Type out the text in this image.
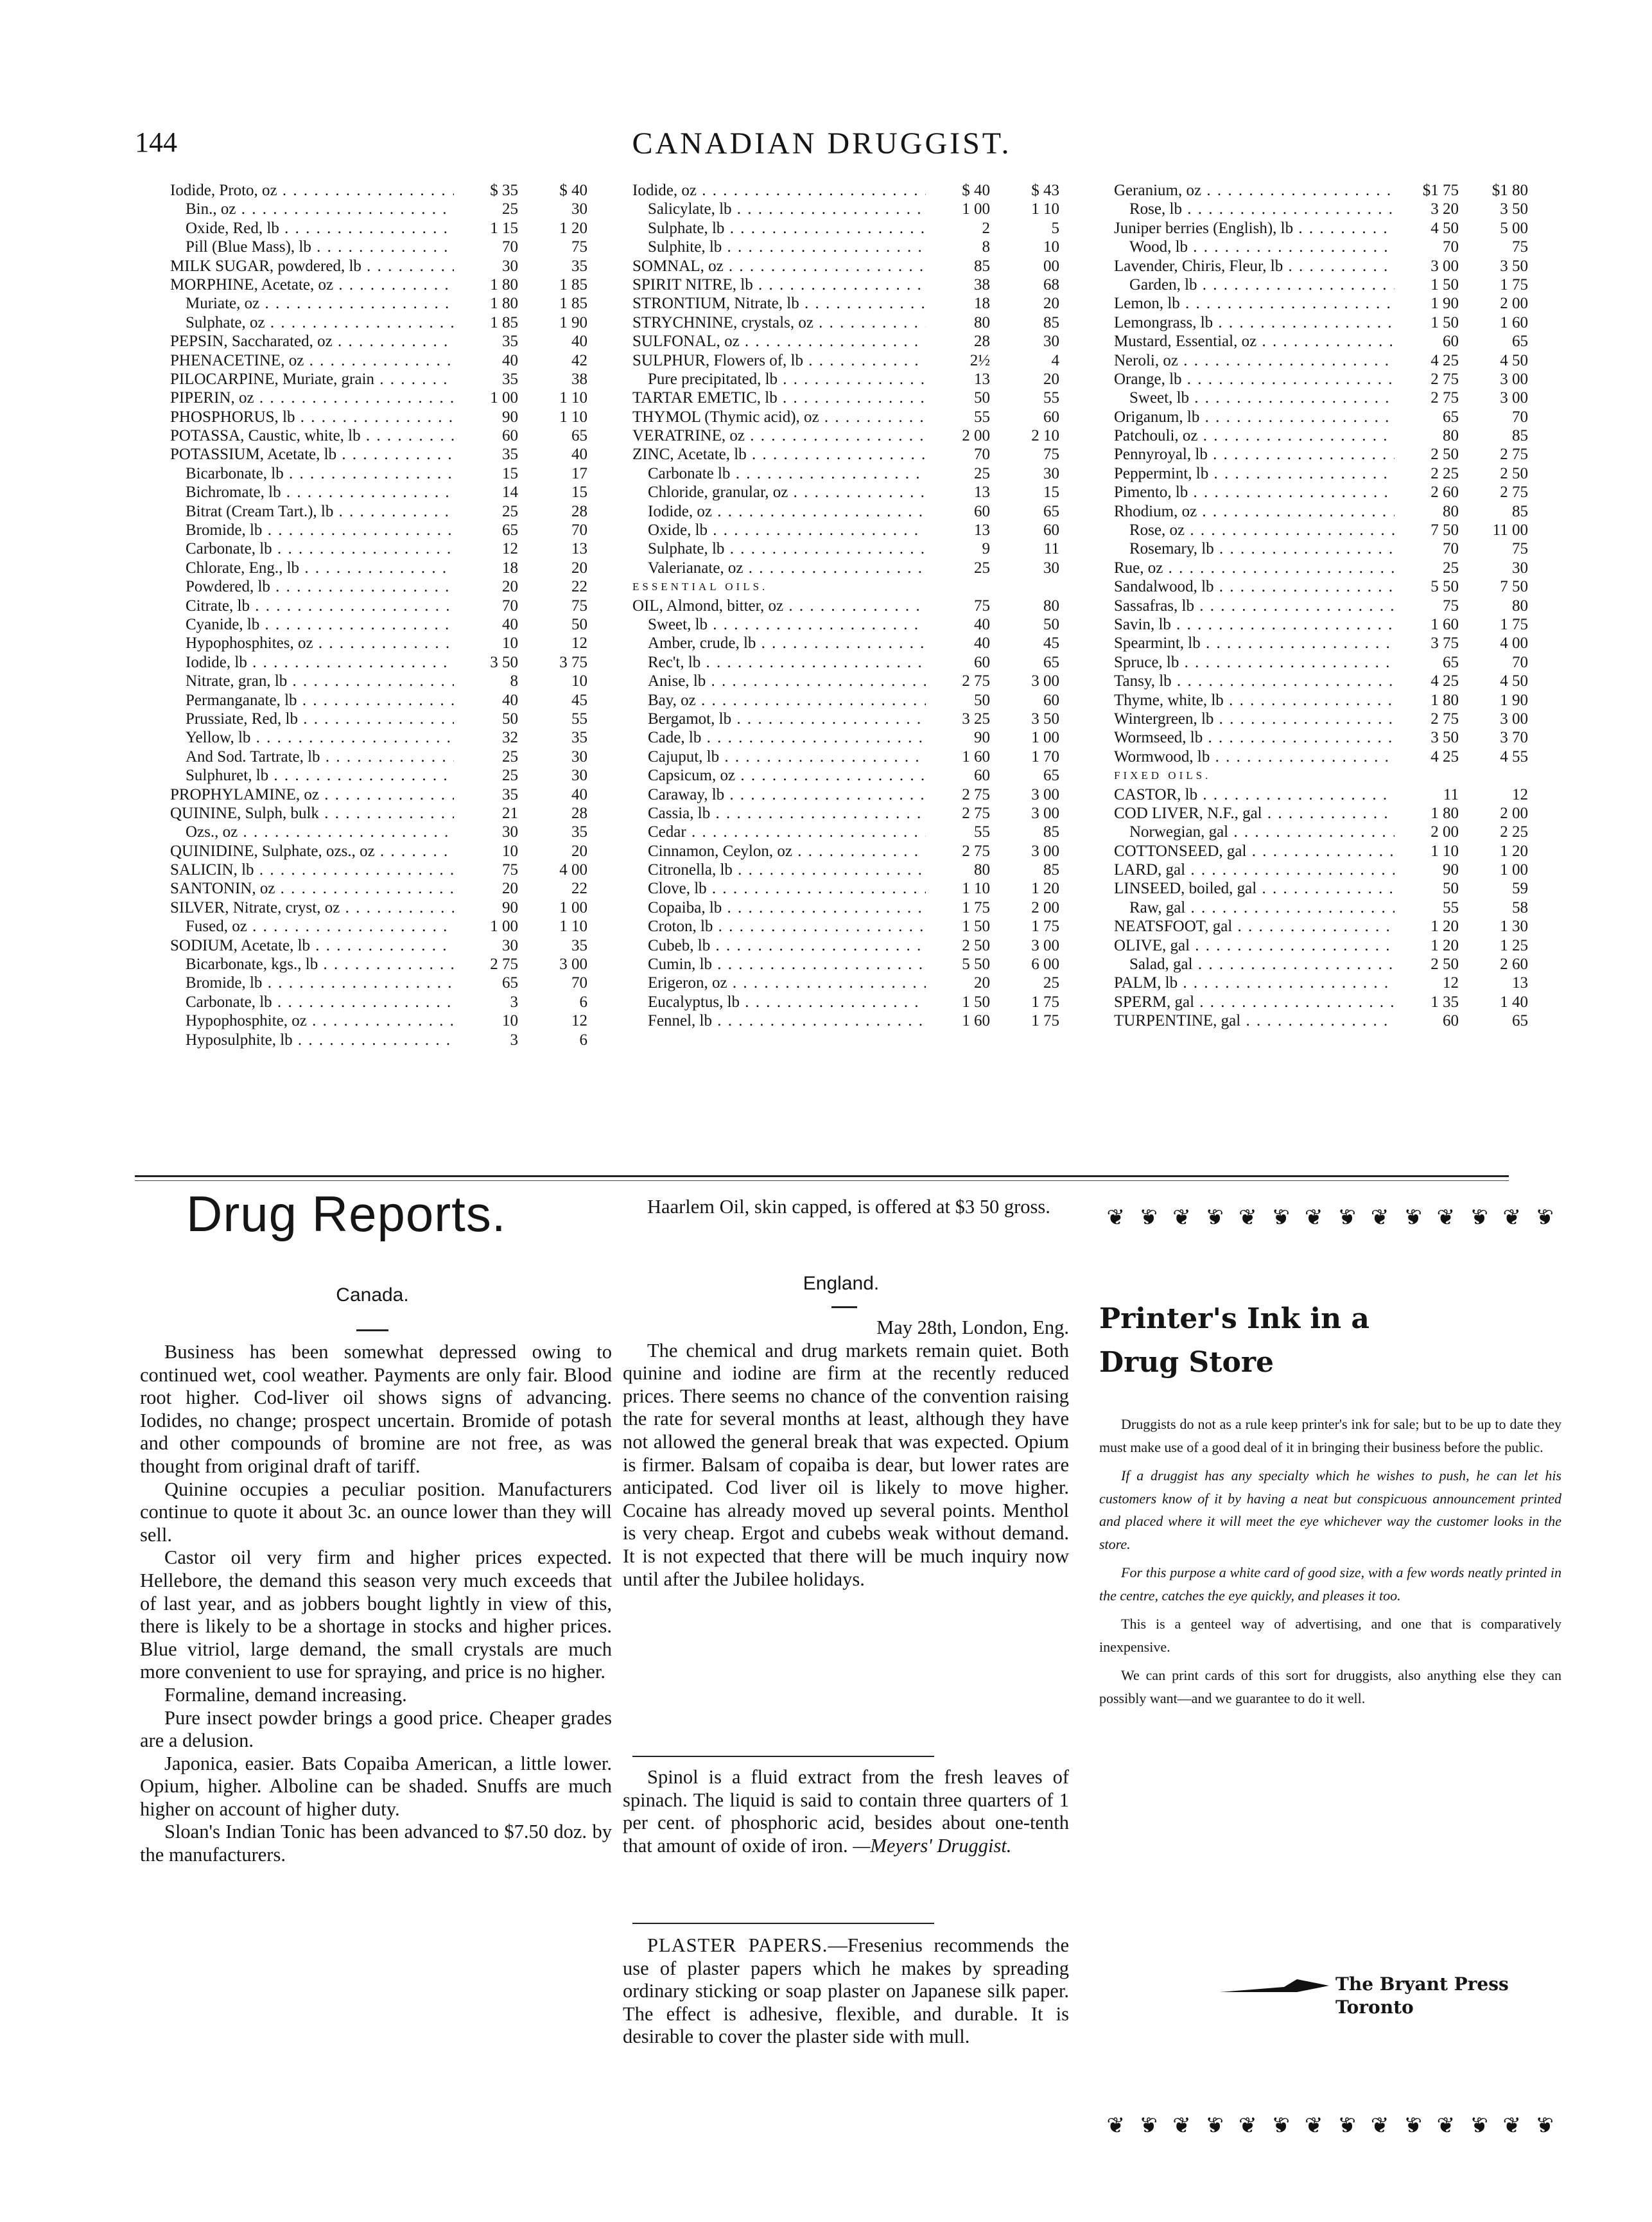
144	CANADIAN DRUGGIST.
Iodide, Proto, oz . . .	$ 35	$ 40
Bin., oz . . .	25	30
Oxide, Red, lb . . .	1 15	1 20
Pill (Blue Mass), lb . . .	70	75
MILK SUGAR, powdered, lb . . .	30	35
MORPHINE, Acetate, oz . . .	1 80	1 85
Muriate, oz . . .	1 80	1 85
Sulphate, oz . . .	1 85	1 90
PEPSIN, Saccharated, oz . . .	35	40
PHENACETINE, oz . . .	40	42
PILOCARPINE, Muriate, grain . . .	35	38
PIPERIN, oz . . .	1 00	1 10
PHOSPHORUS, lb . . .	90	1 10
POTASSA, Caustic, white, lb . . .	60	65
POTASSIUM, Acetate, lb . . .	35	40
Bicarbonate, lb . . .	15	17
Bichromate, lb . . .	14	15
Bitrat (Cream Tart.), lb . . .	25	28
Bromide, lb . . .	65	70
Carbonate, lb . . .	12	13
Chlorate, Eng., lb . . .	18	20
Powdered, lb . . .	20	22
Citrate, lb . . .	70	75
Cyanide, lb . . .	40	50
Hypophosphites, oz . . .	10	12
Iodide, lb . . .	3 50	3 75
Nitrate, gran, lb . . .	8	10
Permanganate, lb . . .	40	45
Prussiate, Red, lb . . .	50	55
Yellow, lb . . .	32	35
And Sod. Tartrate, lb . . .	25	30
Sulphuret, lb . . .	25	30
PROPHYLAMINE, oz . . .	35	40
QUININE, Sulph, bulk . . .	21	28
Ozs., oz . . .	30	35
QUINIDINE, Sulphate, ozs., oz . . .	10	20
SALICIN, lb . . .	75	4 00
SANTONIN, oz . . .	20	22
SILVER, Nitrate, cryst, oz . . .	90	1 00
Fused, oz . . .	1 00	1 10
SODIUM, Acetate, lb . . .	30	35
Bicarbonate, kgs., lb . . .	2 75	3 00
Bromide, lb . . .	65	70
Carbonate, lb . . .	3	6
Hypophosphite, oz . . .	10	12
Hyposulphite, lb . . .	3	6
Iodide, oz . . .	$ 40	$ 43
Salicylate, lb . . .	1 00	1 10
Sulphate, lb . . .	2	5
Sulphite, lb . . .	8	10
SOMNAL, oz . . .	85	00
SPIRIT NITRE, lb . . .	38	68
STRONTIUM, Nitrate, lb . . .	18	20
STRYCHNINE, crystals, oz . . .	80	85
SULFONAL, oz . . .	28	30
SULPHUR, Flowers of, lb . . .	2½	4
Pure precipitated, lb . . .	13	20
TARTAR EMETIC, lb . . .	50	55
THYMOL (Thymic acid), oz . . .	55	60
VERATRINE, oz . . .	2 00	2 10
ZINC, Acetate, lb . . .	70	75
Carbonate lb . . .	25	30
Chloride, granular, oz . . .	13	15
Iodide, oz . . .	60	65
Oxide, lb . . .	13	60
Sulphate, lb . . .	9	11
Valerianate, oz . . .	25	30
ESSENTIAL OILS.
OIL, Almond, bitter, oz . . .	75	80
Sweet, lb . . .	40	50
Amber, crude, lb . . .	40	45
Rec't, lb . . .	60	65
Anise, lb . . .	2 75	3 00
Bay, oz . . .	50	60
Bergamot, lb . . .	3 25	3 50
Cade, lb . . .	90	1 00
Cajuput, lb . . .	1 60	1 70
Capsicum, oz . . .	60	65
Caraway, lb . . .	2 75	3 00
Cassia, lb . . .	2 75	3 00
Cedar . . .	55	85
Cinnamon, Ceylon, oz . . .	2 75	3 00
Citronella, lb . . .	80	85
Clove, lb . . .	1 10	1 20
Copaiba, lb . . .	1 75	2 00
Croton, lb . . .	1 50	1 75
Cubeb, lb . . .	2 50	3 00
Cumin, lb . . .	5 50	6 00
Erigeron, oz . . .	20	25
Eucalyptus, lb . . .	1 50	1 75
Fennel, lb . . .	1 60	1 75
Geranium, oz . . .	$1 75	$1 80
Rose, lb . . .	3 20	3 50
Juniper berries (English), lb . . .	4 50	5 00
Wood, lb . . .	70	75
Lavender, Chiris, Fleur, lb . . .	3 00	3 50
Garden, lb . . .	1 50	1 75
Lemon, lb . . .	1 90	2 00
Lemongrass, lb . . .	1 50	1 60
Mustard, Essential, oz . . .	60	65
Neroli, oz . . .	4 25	4 50
Orange, lb . . .	2 75	3 00
Sweet, lb . . .	2 75	3 00
Origanum, lb . . .	65	70
Patchouli, oz . . .	80	85
Pennyroyal, lb . . .	2 50	2 75
Peppermint, lb . . .	2 25	2 50
Pimento, lb . . .	2 60	2 75
Rhodium, oz . . .	80	85
Rose, oz . . .	7 50	11 00
Rosemary, lb . . .	70	75
Rue, oz . . .	25	30
Sandalwood, lb . . .	5 50	7 50
Sassafras, lb . . .	75	80
Savin, lb . . .	1 60	1 75
Spearmint, lb . . .	3 75	4 00
Spruce, lb . . .	65	70
Tansy, lb . . .	4 25	4 50
Thyme, white, lb . . .	1 80	1 90
Wintergreen, lb . . .	2 75	3 00
Wormseed, lb . . .	3 50	3 70
Wormwood, lb . . .	4 25	4 55
FIXED OILS.
CASTOR, lb . . .	11	12
COD LIVER, N.F., gal . . .	1 80	2 00
Norwegian, gal . . .	2 00	2 25
COTTONSEED, gal . . .	1 10	1 20
LARD, gal . . .	90	1 00
LINSEED, boiled, gal . . .	50	59
Raw, gal . . .	55	58
NEATSFOOT, gal . . .	1 20	1 30
OLIVE, gal . . .	1 20	1 25
Salad, gal . . .	2 50	2 60
PALM, lb . . .	12	13
SPERM, gal . . .	1 35	1 40
TURPENTINE, gal . . .	60	65
Drug Reports.
Canada.

Business has been somewhat depressed owing to continued wet, cool weather. Payments are only fair. Blood root higher. Cod-liver oil shows signs of advancing. Iodides, no change; prospect uncertain. Bromide of potash and other compounds of bromine are not free, as was thought from original draft of tariff.

Quinine occupies a peculiar position. Manufacturers continue to quote it about 3c. an ounce lower than they will sell.

Castor oil very firm and higher prices expected. Hellebore, the demand this season very much exceeds that of last year, and as jobbers bought lightly in view of this, there is likely to be a shortage in stocks and higher prices. Blue vitriol, large demand, the small crystals are much more convenient to use for spraying, and price is no higher.

Formaline, demand increasing.

Pure insect powder brings a good price. Cheaper grades are a delusion.

Japonica, easier. Bats Copaiba American, a little lower. Opium, higher. Alboline can be shaded. Snuffs are much higher on account of higher duty.

Sloan's Indian Tonic has been advanced to $7.50 doz. by the manufacturers.

Haarlem Oil, skin capped, is offered at $3 50 gross.

England.

May 28th, London, Eng.

The chemical and drug markets remain quiet. Both quinine and iodine are firm at the recently reduced prices. There seems no chance of the convention raising the rate for several months at least, although they have not allowed the general break that was expected. Opium is firmer. Balsam of copaiba is dear, but lower rates are anticipated. Cod liver oil is likely to move higher. Cocaine has already moved up several points. Menthol is very cheap. Ergot and cubebs weak without demand. It is not expected that there will be much inquiry now until after the Jubilee holidays.

Spinol is a fluid extract from the fresh leaves of spinach. The liquid is said to contain three quarters of 1 per cent. of phosphoric acid, besides about one-tenth that amount of oxide of iron. —Meyers' Druggist.

PLASTER PAPERS.—Fresenius recommends the use of plaster papers which he makes by spreading ordinary sticking or soap plaster on Japanese silk paper. The effect is adhesive, flexible, and durable. It is desirable to cover the plaster side with mull.

❦ ❦ ❦ ❦ ❦ ❦ ❦ ❦ ❦ ❦ ❦ ❦ ❦ ❦
Printer's Ink in a
Drug Store

Druggists do not as a rule keep printer's ink for sale; but to be up to date they must make use of a good deal of it in bringing their business before the public.

If a druggist has any specialty which he wishes to push, he can let his customers know of it by having a neat but conspicuous announcement printed and placed where it will meet the eye whichever way the customer looks in the store.

For this purpose a white card of good size, with a few words neatly printed in the centre, catches the eye quickly, and pleases it too.

This is a genteel way of advertising, and one that is comparatively inexpensive.

We can print cards of this sort for druggists, also anything else they can possibly want—and we guarantee to do it well.

The Bryant Press
Toronto
❦ ❦ ❦ ❦ ❦ ❦ ❦ ❦ ❦ ❦ ❦ ❦ ❦ ❦
